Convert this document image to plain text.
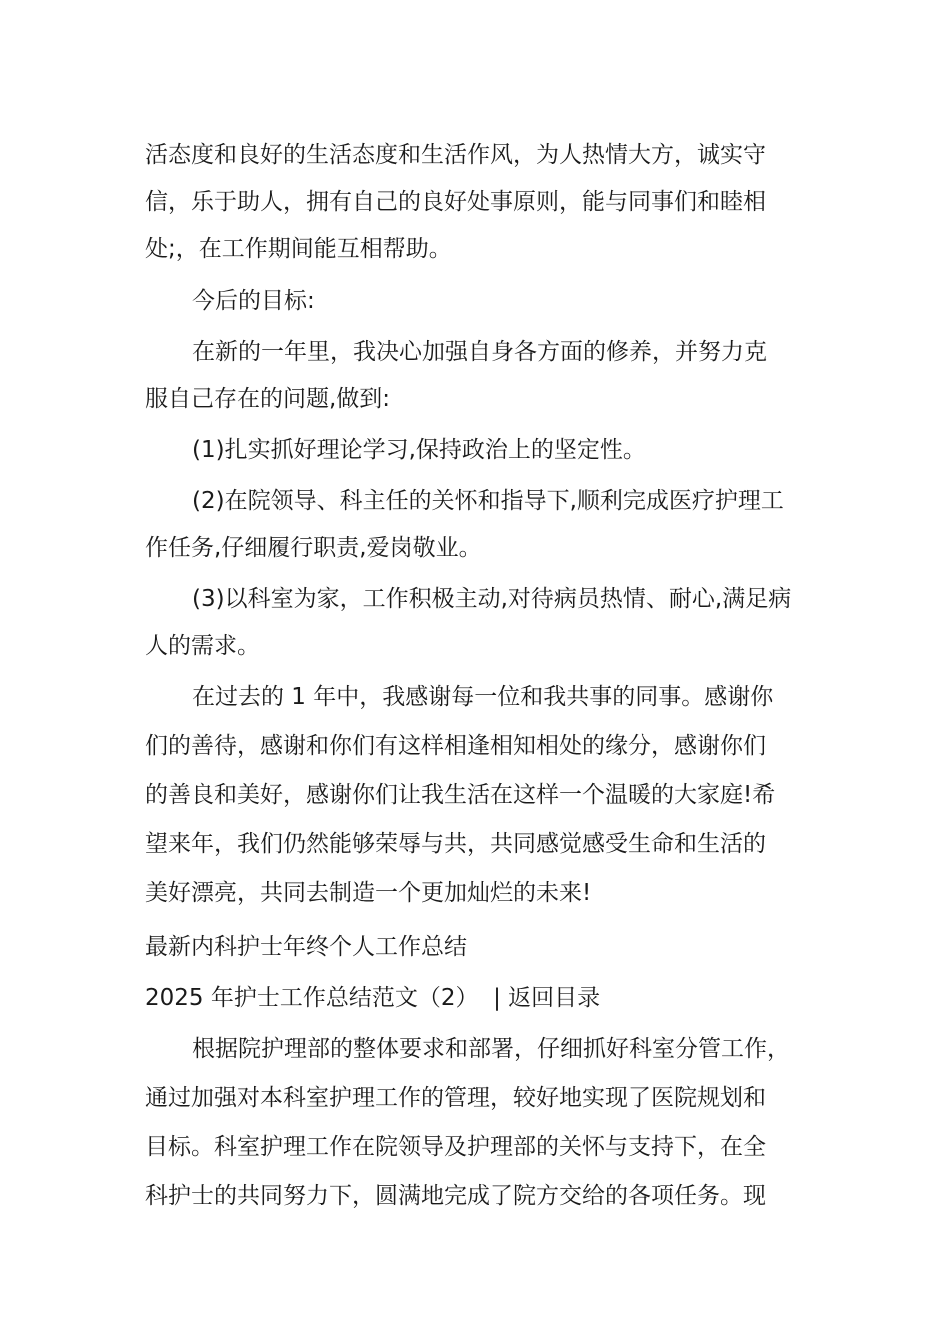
活态度和良好的生活态度和生活作风，为人热情大方，诚实守

信，乐于助人，拥有自己的良好处事原则，能与同事们和睦相

处;，在工作期间能互相帮助。

今后的目标:

在新的一年里，我决心加强自身各方面的修养，并努力克

服自己存在的问题,做到:

(1)扎实抓好理论学习,保持政治上的坚定性。

(2)在院领导、科主任的关怀和指导下,顺利完成医疗护理工

作任务,仔细履行职责,爱岗敬业。

(3)以科室为家，工作积极主动,对待病员热情、耐心,满足病

人的需求。

在过去的 1 年中，我感谢每一位和我共事的同事。感谢你

们的善待，感谢和你们有这样相逢相知相处的缘分，感谢你们

的善良和美好，感谢你们让我生活在这样一个温暖的大家庭!希

望来年，我们仍然能够荣辱与共，共同感觉感受生命和生活的

美好漂亮，共同去制造一个更加灿烂的未来!

最新内科护士年终个人工作总结

2025 年护士工作总结范文（2） | 返回目录

根据院护理部的整体要求和部署，仔细抓好科室分管工作，

通过加强对本科室护理工作的管理，较好地实现了医院规划和

目标。科室护理工作在院领导及护理部的关怀与支持下，在全

科护士的共同努力下，圆满地完成了院方交给的各项任务。现
